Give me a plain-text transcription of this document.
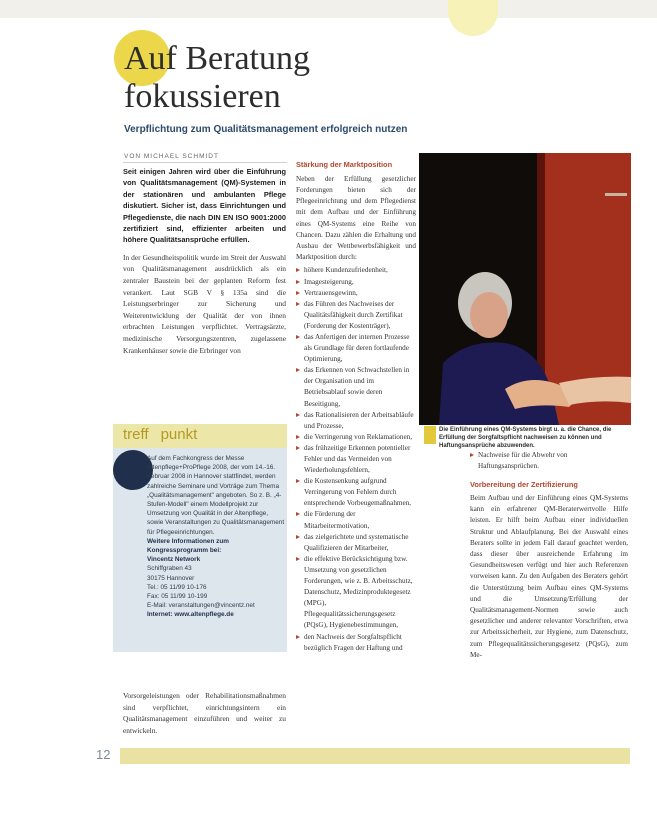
Auf Beratung
fokussieren
Verpflichtung zum Qualitätsmanagement erfolgreich nutzen
VON MICHAEL SCHMIDT

Seit einigen Jahren wird über die Einführung von Qualitätsmanagement (QM)-Systemen in der stationären und ambulanten Pflege diskutiert. Sicher ist, dass Einrichtungen und Pflegedienste, die nach DIN EN ISO 9001:2000 zertifiziert sind, effizienter arbeiten und höhere Qualitätsansprüche erfüllen.

In der Gesundheitspolitik wurde im Streit der Auswahl von Qualitätsmanagement ausdrücklich als ein zentraler Baustein bei der geplanten Reform fest verankert. Laut SGB V § 135a sind die Leistungserbringer zur Sicherung und Weiterentwicklung der Qualität der von ihnen erbrachten Leistungen verpflichtet. Vertragsärzte, medizinische Versorgungszentren, zugelassene Krankenhäuser sowie die Erbringer von

treff punkt

Auf dem Fachkongress der Messe Altenpflege+ProPflege 2008, der vom 14.-16. Februar 2008 in Hannover stattfindet, werden zahlreiche Seminare und Vorträge zum Thema „Qualitätsmanagement" angeboten. So z. B. „4-Stufen-Modell" einem Modellprojekt zur Umsetzung von Qualität in der Altenpflege, sowie Veranstaltungen zu Qualitätsmanagement für Pflegeeinrichtungen.

Weitere Informationen zum Kongressprogramm bei:

Vincentz Network
Schiffgraben 43
30175 Hannover
Tel.: 05 11/99 10-176
Fax: 05 11/99 10-199
E-Mail: veranstaltungen@vincentz.net
Internet: www.altenpflege.de

Vorsorgeleistungen oder Rehabilitationsmaßnahmen sind verpflichtet, einrichtungsintern ein Qualitätsmanagement einzuführen und weiter zu entwickeln.

12
Stärkung der Marktposition

Neben der Erfüllung gesetzlicher Forderungen bieten sich der Pflegeeinrichtung und dem Pflegedienst mit dem Aufbau und der Einführung eines QM-Systems eine Reihe von Chancen. Dazu zählen die Erhaltung und Ausbau der Wettbewerbsfähigkeit und Marktposition durch:

höhere Kundenzufriedenheit,
Imagesteigerung,
Vertrauensgewinn,
das Führen des Nachweises der Qualitätsfähigkeit durch Zertifikat (Forderung der Kostenträger),
das Anfertigen der internen Prozesse als Grundlage für deren fortlaufende Optimierung,
das Erkennen von Schwachstellen in der Organisation und im Betriebsablauf sowie deren Beseitigung,
das Rationalisieren der Arbeitsabläufe und Prozesse,
die Verringerung von Reklamationen,
das frühzeitige Erkennen potentieller Fehler und das Vermeiden von Wiederholungsfehlern,
die Kostensenkung aufgrund Verringerung von Fehlern durch entsprechende Vorbeugemaßnahmen,
die Förderung der Mitarbeitermotivation,
das zielgerichtete und systematische Qualifizieren der Mitarbeiter,
die effektive Berücksichtigung bzw. Umsetzung von gesetzlichen Forderungen, wie z. B. Arbeitsschutz, Datenschutz, Medizinproduktegesetz (MPG), Pflegequalitätssicherungsgesetz (PQsG), Hygienebestimmungen,
den Nachweis der Sorgfaltspflicht bezüglich Fragen der Haftung und
Die Einführung eines QM-Systems birgt u. a. die Chance, die Erfüllung der Sorgfaltspflicht nachweisen zu können und Haftungsansprüche abzuwenden.
Nachweise für die Abwehr von Haftungsansprüchen.
Vorbereitung der Zertifizierung

Beim Aufbau und der Einführung eines QM-Systems kann ein erfahrener QM-Beraterwertvolle Hilfe leisten. Er hilft beim Aufbau einer individuellen Struktur und Ablaufplanung. Bei der Auswahl eines Beraters sollte in jedem Fall darauf geachtet werden, dass dieser über ausreichende Erfahrung im Gesundheitswesen verfügt und hier auch Referenzen vorweisen kann. Zu den Aufgaben des Beraters gehört die Unterstützung beim Aufbau eines QM-Systems und die Umsetzung/Erfüllung der Qualitätsmanagement-Normen sowie auch gesetzlicher und anderer relevanter Vorschriften, etwa zur Arbeitssicherheit, zur Hygiene, zum Datenschutz, zum Pflegequalitätssicherungsgesetz (PQsG), zum Me-
